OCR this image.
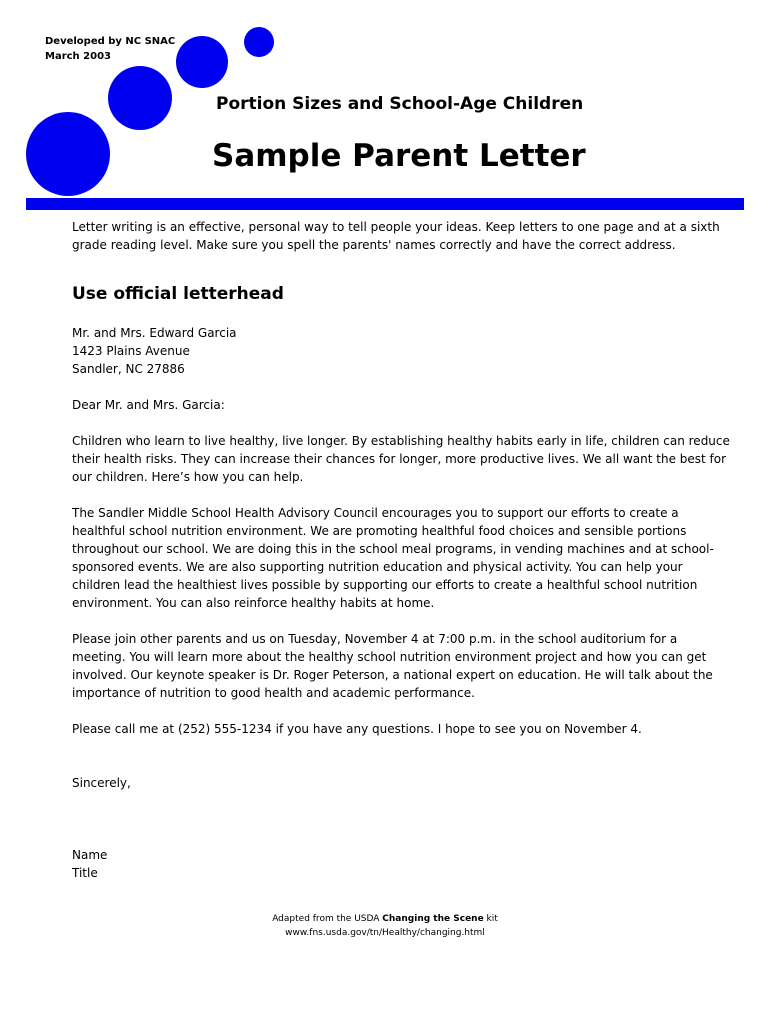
Developed by NC SNAC
March 2003
Portion Sizes and School-Age Children
Sample Parent Letter

Letter writing is an effective, personal way to tell people your ideas. Keep letters to one page and at a sixth grade reading level. Make sure you spell the parents' names correctly and have the correct address.

Use official letterhead
Mr. and Mrs. Edward Garcia
1423 Plains Avenue
Sandler, NC 27886

Dear Mr. and Mrs. Garcia:

Children who learn to live healthy, live longer. By establishing healthy habits early in life, children can reduce their health risks. They can increase their chances for longer, more productive lives. We all want the best for our children. Here’s how you can help.

The Sandler Middle School Health Advisory Council encourages you to support our efforts to create a healthful school nutrition environment. We are promoting healthful food choices and sensible portions throughout our school. We are doing this in the school meal programs, in vending machines and at school-sponsored events. We are also supporting nutrition education and physical activity. You can help your children lead the healthiest lives possible by supporting our efforts to create a healthful school nutrition environment. You can also reinforce healthy habits at home.

Please join other parents and us on Tuesday, November 4 at 7:00 p.m. in the school auditorium for a meeting. You will learn more about the healthy school nutrition environment project and how you can get involved. Our keynote speaker is Dr. Roger Peterson, a national expert on education. He will talk about the importance of nutrition to good health and academic performance.

Please call me at (252) 555-1234 if you have any questions. I hope to see you on November 4.

Sincerely,
Name
Title
Adapted from the USDA Changing the Scene kit
www.fns.usda.gov/tn/Healthy/changing.html
